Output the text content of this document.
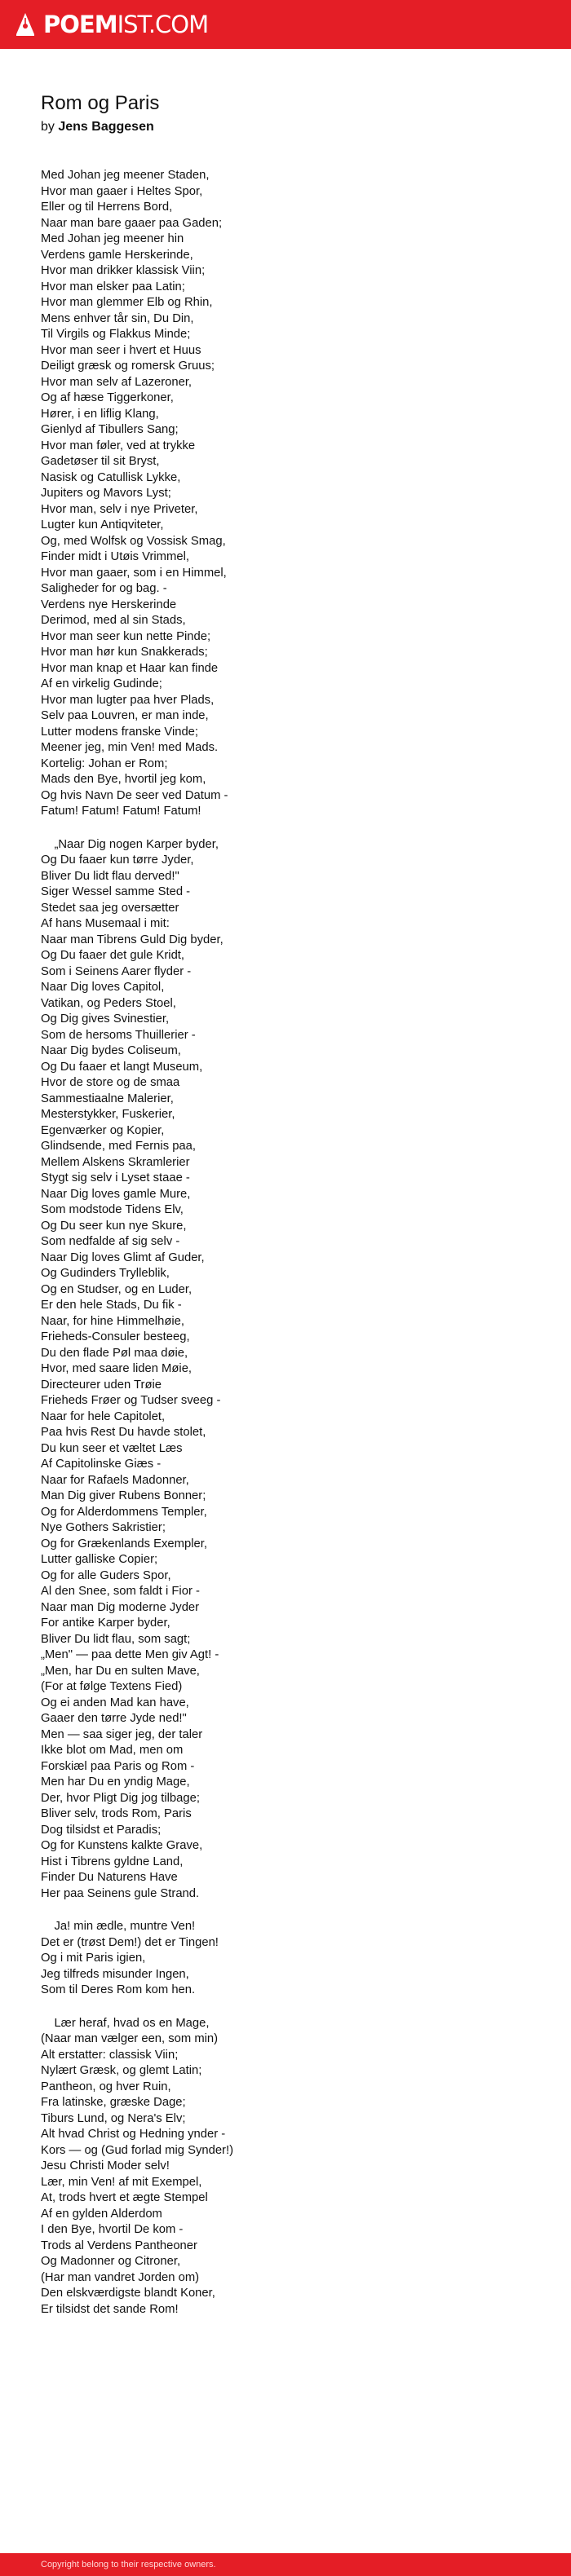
POEMIST.COM
Rom og Paris
by Jens Baggesen
Med Johan jeg meener Staden,
Hvor man gaaer i Heltes Spor,
Eller og til Herrens Bord,
Naar man bare gaaer paa Gaden;
Med Johan jeg meener hin
Verdens gamle Herskerinde,
Hvor man drikker klassisk Viin;
Hvor man elsker paa Latin;
Hvor man glemmer Elb og Rhin,
Mens enhver tår sin, Du Din,
Til Virgils og Flakkus Minde;
Hvor man seer i hvert et Huus
Deiligt græsk og romersk Gruus;
Hvor man selv af Lazeroner,
Og af hæse Tiggerkoner,
Hører, i en liflig Klang,
Gienlyd af Tibullers Sang;
Hvor man føler, ved at trykke
Gadetøser til sit Bryst,
Nasisk og Catullisk Lykke,
Jupiters og Mavors Lyst;
Hvor man, selv i nye Priveter,
Lugter kun Antiqviteter,
Og, med Wolfsk og Vossisk Smag,
Finder midt i Utøis Vrimmel,
Hvor man gaaer, som i en Himmel,
Saligheder for og bag. -
Verdens nye Herskerinde
Derimod, med al sin Stads,
Hvor man seer kun nette Pinde;
Hvor man hør kun Snakkerads;
Hvor man knap et Haar kan finde
Af en virkelig Gudinde;
Hvor man lugter paa hver Plads,
Selv paa Louvren, er man inde,
Lutter modens franske Vinde;
Meener jeg, min Ven! med Mads.
Kortelig: Johan er Rom;
Mads den Bye, hvortil jeg kom,
Og hvis Navn De seer ved Datum -
Fatum! Fatum! Fatum! Fatum!
„Naar Dig nogen Karper byder,
Og Du faaer kun tørre Jyder,
Bliver Du lidt flau derved!"
Siger Wessel samme Sted -
Stedet saa jeg oversætter
Af hans Musemaal i mit:
Naar man Tibrens Guld Dig byder,
Og Du faaer det gule Kridt,
Som i Seinens Aarer flyder -
Naar Dig loves Capitol,
Vatikan, og Peders Stoel,
Og Dig gives Svinestier,
Som de hersoms Thuillerier -
Naar Dig bydes Coliseum,
Og Du faaer et langt Museum,
Hvor de store og de smaa
Sammestiaalne Malerier,
Mesterstykker, Fuskerier,
Egenværker og Kopier,
Glindsende, med Fernis paa,
Mellem Alskens Skramlerier
Stygt sig selv i Lyset staae -
Naar Dig loves gamle Mure,
Som modstode Tidens Elv,
Og Du seer kun nye Skure,
Som nedfalde af sig selv -
Naar Dig loves Glimt af Guder,
Og Gudinders Trylleblik,
Og en Studser, og en Luder,
Er den hele Stads, Du fik -
Naar, for hine Himmelhøie,
Frieheds-Consuler besteeg,
Du den flade Pøl maa døie,
Hvor, med saare liden Møie,
Directeurer uden Trøie
Frieheds Frøer og Tudser sveeg -
Naar for hele Capitolet,
Paa hvis Rest Du havde stolet,
Du kun seer et væltet Læs
Af Capitolinske Giæs -
Naar for Rafaels Madonner,
Man Dig giver Rubens Bonner;
Og for Alderdommens Templer,
Nye Gothers Sakristier;
Og for Grækenlands Exempler,
Lutter galliske Copier;
Og for alle Guders Spor,
Al den Snee, som faldt i Fior -
Naar man Dig moderne Jyder
For antike Karper byder,
Bliver Du lidt flau, som sagt;
„Men" — paa dette Men giv Agt! -
„Men, har Du en sulten Mave,
(For at følge Textens Fied)
Og ei anden Mad kan have,
Gaaer den tørre Jyde ned!"
Men — saa siger jeg, der taler
Ikke blot om Mad, men om
Forskiæl paa Paris og Rom -
Men har Du en yndig Mage,
Der, hvor Pligt Dig jog tilbage;
Bliver selv, trods Rom, Paris
Dog tilsidst et Paradis;
Og for Kunstens kalkte Grave,
Hist i Tibrens gyldne Land,
Finder Du Naturens Have
Her paa Seinens gule Strand.
Ja! min ædle, muntre Ven!
Det er (trøst Dem!) det er Tingen!
Og i mit Paris igien,
Jeg tilfreds misunder Ingen,
Som til Deres Rom kom hen.
Lær heraf, hvad os en Mage,
(Naar man vælger een, som min)
Alt erstatter: classisk Viin;
Nylært Græsk, og glemt Latin;
Pantheon, og hver Ruin,
Fra latinske, græske Dage;
Tiburs Lund, og Nera's Elv;
Alt hvad Christ og Hedning ynder -
Kors — og (Gud forlad mig Synder!)
Jesu Christi Moder selv!
Lær, min Ven! af mit Exempel,
At, trods hvert et ægte Stempel
Af en gylden Alderdom
I den Bye, hvortil De kom -
Trods al Verdens Pantheoner
Og Madonner og Citroner,
(Har man vandret Jorden om)
Den elskværdigste blandt Koner,
Er tilsidst det sande Rom!
Copyright belong to their respective owners.
